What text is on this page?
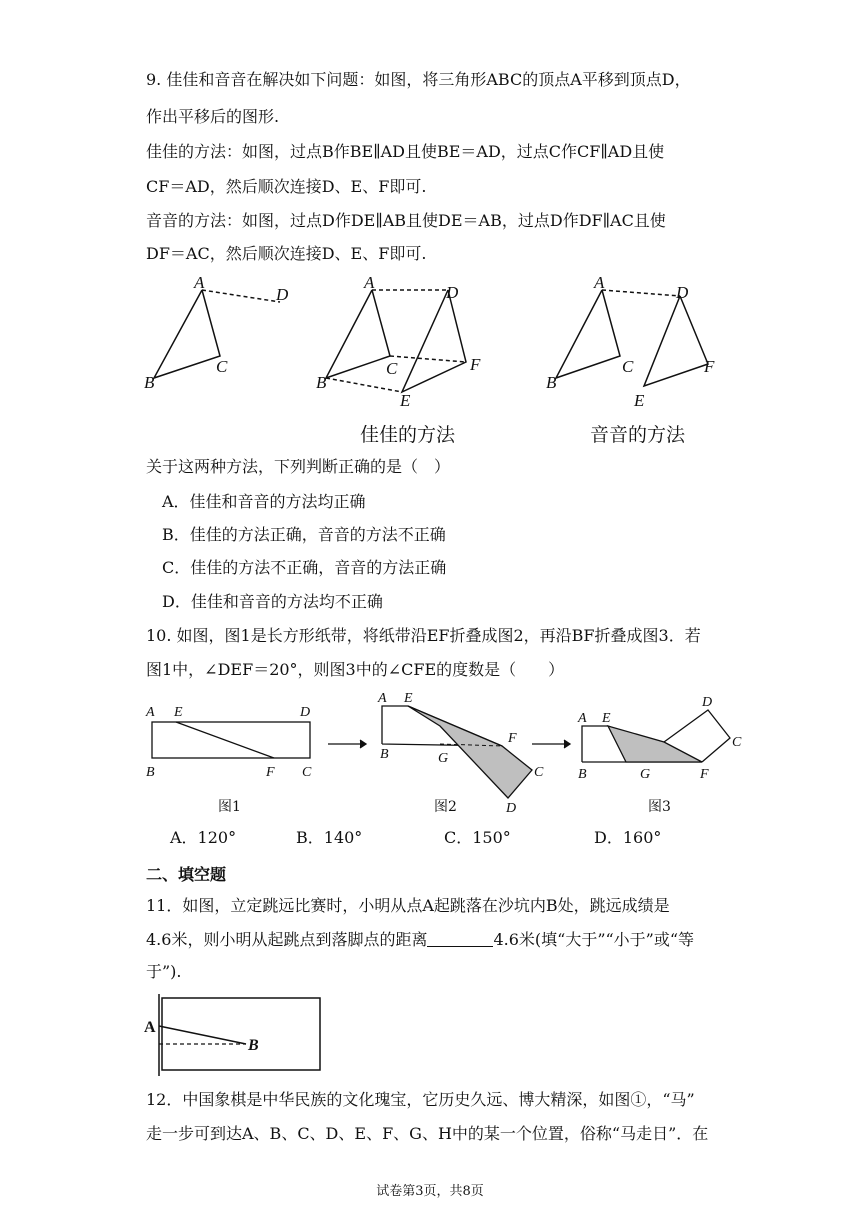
9. 佳佳和音音在解决如下问题：如图，将三角形ABC的顶点A平移到顶点D，
作出平移后的图形.
佳佳的方法：如图，过点B作BE∥AD且使BE＝AD，过点C作CF∥AD且使
CF＝AD，然后顺次连接D、E、F即可.
音音的方法：如图，过点D作DE∥AB且使DE＝AB，过点D作DF∥AC且使
DF＝AC，然后顺次连接D、E、F即可.
A
D
B
C
A
D
B
C
E
F
A
D
B
C
E
F
佳佳的方法	音音的方法
关于这两种方法，下列判断正确的是（　）
A．佳佳和音音的方法均正确
B．佳佳的方法正确，音音的方法不正确
C．佳佳的方法不正确，音音的方法正确
D．佳佳和音音的方法均不正确
10. 如图，图1是长方形纸带，将纸带沿EF折叠成图2，再沿BF折叠成图3．若
图1中，∠DEF＝20°，则图3中的∠CFE的度数是（　　）
A E	D
B	F C
A E
B	G
F
C
D
A E
B	G	F
D
C
图1	图2	图3
A．120°	B．140°	C．150°	D．160°
二、填空题
11．如图，立定跳远比赛时，小明从点A起跳落在沙坑内B处，跳远成绩是
4.6米，则小明从起跳点到落脚点的距离	4.6米(填“大于”“小于”或“等
于”).
A
B
12．中国象棋是中华民族的文化瑰宝，它历史久远、博大精深，如图①，“马”
走一步可到达A、B、C、D、E、F、G、H中的某一个位置，俗称“马走日”．在
试卷第3页，共8页
